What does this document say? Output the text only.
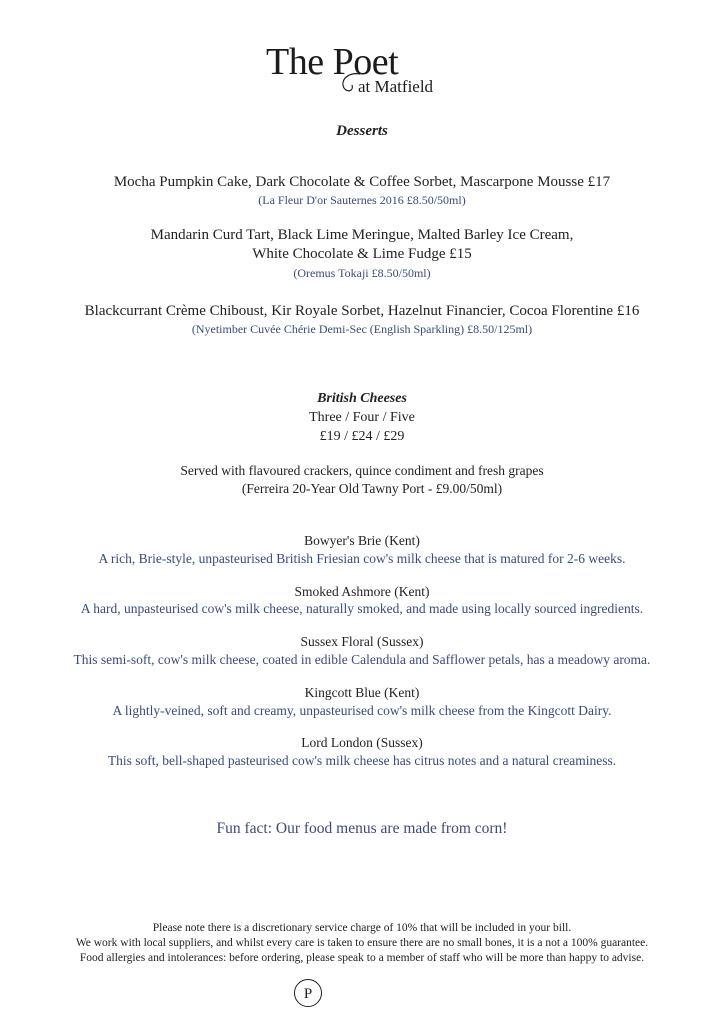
The Poet
at Matfield
Desserts
Mocha Pumpkin Cake, Dark Chocolate & Coffee Sorbet, Mascarpone Mousse £17
(La Fleur D'or Sauternes 2016 £8.50/50ml)
Mandarin Curd Tart, Black Lime Meringue, Malted Barley Ice Cream,
White Chocolate & Lime Fudge £15
(Oremus Tokaji £8.50/50ml)
Blackcurrant Crème Chiboust, Kir Royale Sorbet, Hazelnut Financier, Cocoa Florentine £16
(Nyetimber Cuvée Chérie Demi-Sec (English Sparkling) £8.50/125ml)
British Cheeses
Three / Four / Five
£19 / £24 / £29
Served with flavoured crackers, quince condiment and fresh grapes
(Ferreira 20-Year Old Tawny Port - £9.00/50ml)
Bowyer's Brie (Kent)
A rich, Brie-style, unpasteurised British Friesian cow's milk cheese that is matured for 2-6 weeks.
Smoked Ashmore (Kent)
A hard, unpasteurised cow's milk cheese, naturally smoked, and made using locally sourced ingredients.
Sussex Floral (Sussex)
This semi-soft, cow's milk cheese, coated in edible Calendula and Safflower petals, has a meadowy aroma.
Kingcott Blue (Kent)
A lightly-veined, soft and creamy, unpasteurised cow's milk cheese from the Kingcott Dairy.
Lord London (Sussex)
This soft, bell-shaped pasteurised cow's milk cheese has citrus notes and a natural creaminess.
Fun fact: Our food menus are made from corn!
Please note there is a discretionary service charge of 10% that will be included in your bill.
We work with local suppliers, and whilst every care is taken to ensure there are no small bones, it is a not a 100% guarantee.
Food allergies and intolerances: before ordering, please speak to a member of staff who will be more than happy to advise.
P
